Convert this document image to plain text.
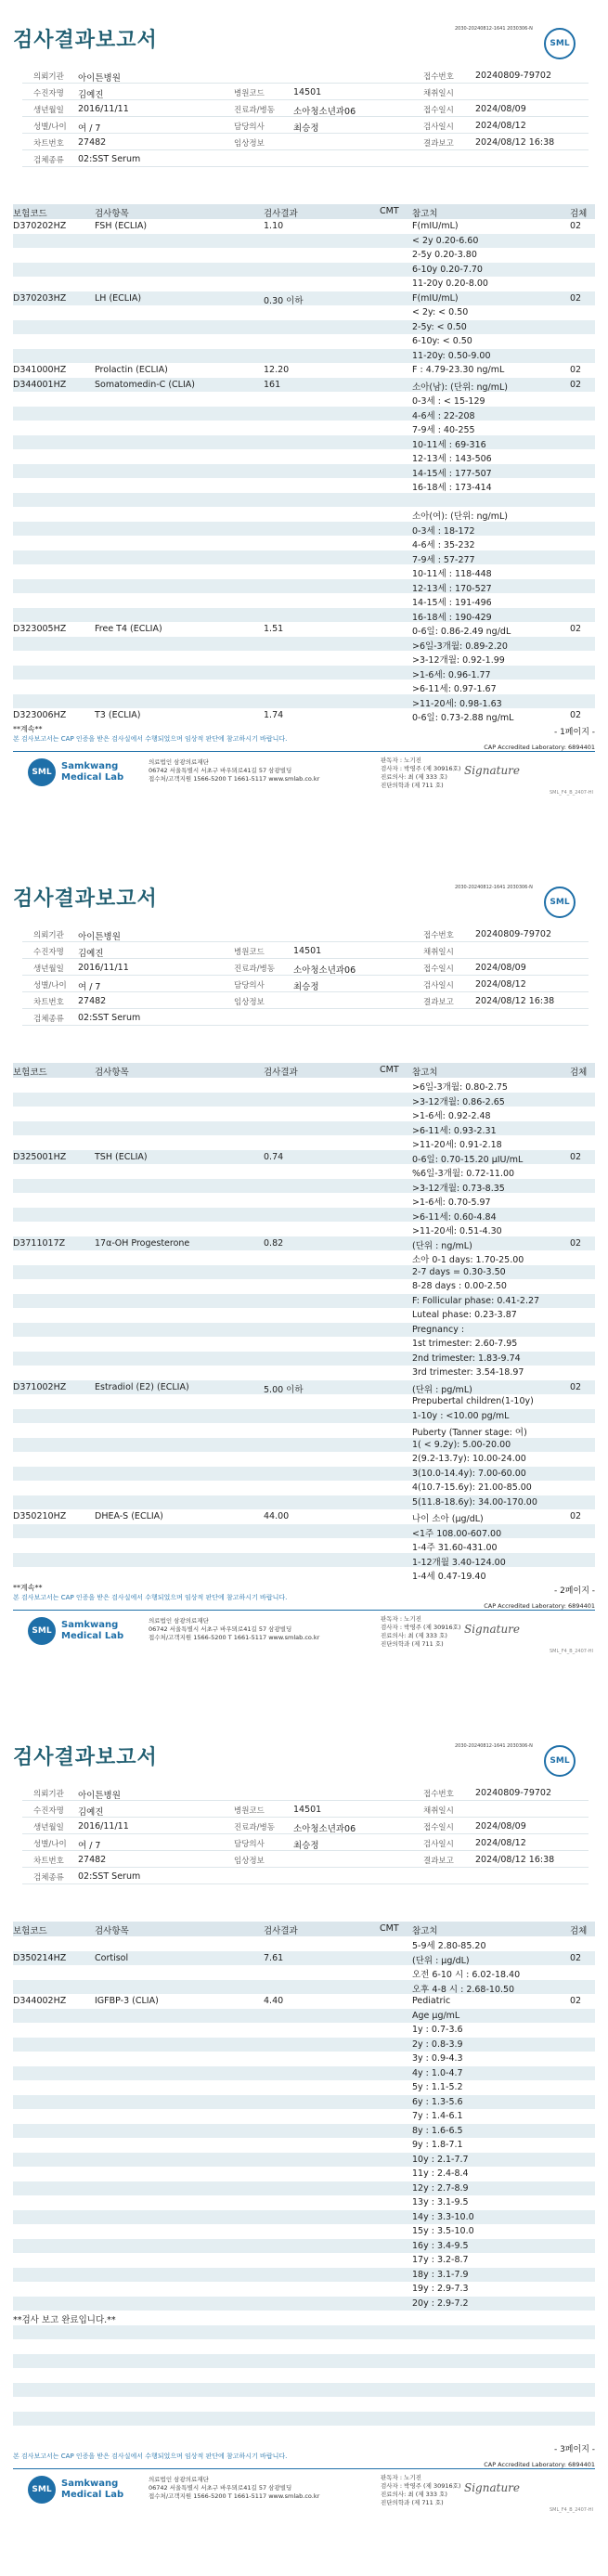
검사결과보고서	2030-20240812-1641 2030306-N
SML
의뢰기관 아이튼병원	접수번호 20240809-79702
수진자명 김예진	병원코드	14501	채취일시
생년월일 2016/11/11	진료과/병동 소아청소년과06	접수일시 2024/08/09
성별/나이 여 / 7	담당의사	최승정	검사일시 2024/08/12
차트번호 27482	임상정보	결과보고 2024/08/12 16:38
검체종류 02:SST Serum
보험코드	검사항목	검사결과	CMT 참고치	검체
D370202HZ	FSH (ECLIA)	1.10	F(mIU/mL)	02
< 2y 0.20-6.60
2-5y 0.20-3.80
6-10y 0.20-7.70
11-20y 0.20-8.00
D370203HZ	LH (ECLIA)	0.30 이하	F(mIU/mL)	02
< 2y: < 0.50
2-5y: < 0.50
6-10y: < 0.50
11-20y: 0.50-9.00
D341000HZ	Prolactin (ECLIA)	12.20	F : 4.79-23.30 ng/mL	02
D344001HZ	Somatomedin-C (CLIA)	161	소아(남): (단위: ng/mL)	02
0-3세 : < 15-129
4-6세 : 22-208
7-9세 : 40-255
10-11세 : 69-316
12-13세 : 143-506
14-15세 : 177-507
16-18세 : 173-414
소아(여): (단위: ng/mL)
0-3세 : 18-172
4-6세 : 35-232
7-9세 : 57-277
10-11세 : 118-448
12-13세 : 170-527
14-15세 : 191-496
16-18세 : 190-429
D323005HZ	Free T4 (ECLIA)	1.51	0-6일: 0.86-2.49 ng/dL	02
>6일-3개월: 0.89-2.20
>3-12개월: 0.92-1.99
>1-6세: 0.96-1.77
>6-11세: 0.97-1.67
>11-20세: 0.98-1.63
D323006HZ	T3 (ECLIA)	1.74	0-6일: 0.73-2.88 ng/mL	02
**계속**	- 1페이지 -
본 검사보고서는 CAP 인증을 받은 검사실에서 수행되었으며 임상적 판단에 참고하시기 바랍니다.
CAP Accredited Laboratory: 6894401
SML
Samkwang
Medical Lab
의료법인 삼광의료재단
06742 서울특별시 서초구 바우뫼로41길 57 삼광빌딩
접수처/고객지원 1566-5200 T 1661-5117 www.smlab.co.kr
판독자 : 노기진
검사자 : 박영주 (제 30916호)
진료의사: 최 (제 333 호)
진단의학과 (제 711 호)
Signature
SML_F4_B_2407-HI
검사결과보고서	2030-20240812-1641 2030306-N
SML
의뢰기관 아이튼병원	접수번호 20240809-79702
수진자명 김예진	병원코드	14501	채취일시
생년월일 2016/11/11	진료과/병동 소아청소년과06	접수일시 2024/08/09
성별/나이 여 / 7	담당의사	최승정	검사일시 2024/08/12
차트번호 27482	임상정보	결과보고 2024/08/12 16:38
검체종류 02:SST Serum
보험코드	검사항목	검사결과	CMT 참고치	검체
>6일-3개월: 0.80-2.75
>3-12개월: 0.86-2.65
>1-6세: 0.92-2.48
>6-11세: 0.93-2.31
>11-20세: 0.91-2.18
D325001HZ	TSH (ECLIA)	0.74	0-6일: 0.70-15.20 μIU/mL	02
%6일-3개월: 0.72-11.00
>3-12개월: 0.73-8.35
>1-6세: 0.70-5.97
>6-11세: 0.60-4.84
>11-20세: 0.51-4.30
D3711017Z	17α-OH Progesterone	0.82	(단위 : ng/mL)	02
소아 0-1 days: 1.70-25.00
2-7 days = 0.30-3.50
8-28 days : 0.00-2.50
F: Follicular phase: 0.41-2.27
Luteal phase: 0.23-3.87
Pregnancy :
1st trimester: 2.60-7.95
2nd trimester: 1.83-9.74
3rd trimester: 3.54-18.97
D371002HZ	Estradiol (E2) (ECLIA)	5.00 이하	(단위 : pg/mL)	02
Prepubertal children(1-10y)
1-10y : <10.00 pg/mL
Puberty (Tanner stage: 여)
1( < 9.2y): 5.00-20.00
2(9.2-13.7y): 10.00-24.00
3(10.0-14.4y): 7.00-60.00
4(10.7-15.6y): 21.00-85.00
5(11.8-18.6y): 34.00-170.00
D350210HZ	DHEA-S (ECLIA)	44.00	나이 소아 (μg/dL)	02
<1주 108.00-607.00
1-4주 31.60-431.00
1-12개월 3.40-124.00
1-4세 0.47-19.40
**계속**	- 2페이지 -
본 검사보고서는 CAP 인증을 받은 검사실에서 수행되었으며 임상적 판단에 참고하시기 바랍니다.
CAP Accredited Laboratory: 6894401
SML
Samkwang
Medical Lab
의료법인 삼광의료재단
06742 서울특별시 서초구 바우뫼로41길 57 삼광빌딩
접수처/고객지원 1566-5200 T 1661-5117 www.smlab.co.kr
판독자 : 노기진
검사자 : 박영주 (제 30916호)
진료의사: 최 (제 333 호)
진단의학과 (제 711 호)
Signature
SML_F4_B_2407-HI
검사결과보고서	2030-20240812-1641 2030306-N
SML
의뢰기관 아이튼병원	접수번호 20240809-79702
수진자명 김예진	병원코드	14501	채취일시
생년월일 2016/11/11	진료과/병동 소아청소년과06	접수일시 2024/08/09
성별/나이 여 / 7	담당의사	최승정	검사일시 2024/08/12
차트번호 27482	임상정보	결과보고 2024/08/12 16:38
검체종류 02:SST Serum
보험코드	검사항목	검사결과	CMT 참고치	검체
5-9세 2.80-85.20
D350214HZ	Cortisol	7.61	(단위 : μg/dL)	02
오전 6-10 시 : 6.02-18.40
오후 4-8 시 : 2.68-10.50
D344002HZ	IGFBP-3 (CLIA)	4.40	Pediatric	02
Age μg/mL
1y : 0.7-3.6
2y : 0.8-3.9
3y : 0.9-4.3
4y : 1.0-4.7
5y : 1.1-5.2
6y : 1.3-5.6
7y : 1.4-6.1
8y : 1.6-6.5
9y : 1.8-7.1
10y : 2.1-7.7
11y : 2.4-8.4
12y : 2.7-8.9
13y : 3.1-9.5
14y : 3.3-10.0
15y : 3.5-10.0
16y : 3.4-9.5
17y : 3.2-8.7
18y : 3.1-7.9
19y : 2.9-7.3
20y : 2.9-7.2
**검사 보고 완료입니다.**
- 3페이지 -
본 검사보고서는 CAP 인증을 받은 검사실에서 수행되었으며 임상적 판단에 참고하시기 바랍니다.
CAP Accredited Laboratory: 6894401
SML
Samkwang
Medical Lab
의료법인 삼광의료재단
06742 서울특별시 서초구 바우뫼로41길 57 삼광빌딩
접수처/고객지원 1566-5200 T 1661-5117 www.smlab.co.kr
판독자 : 노기진
검사자 : 박영주 (제 30916호)
진료의사: 최 (제 333 호)
진단의학과 (제 711 호)
Signature
SML_F4_B_2407-HI
